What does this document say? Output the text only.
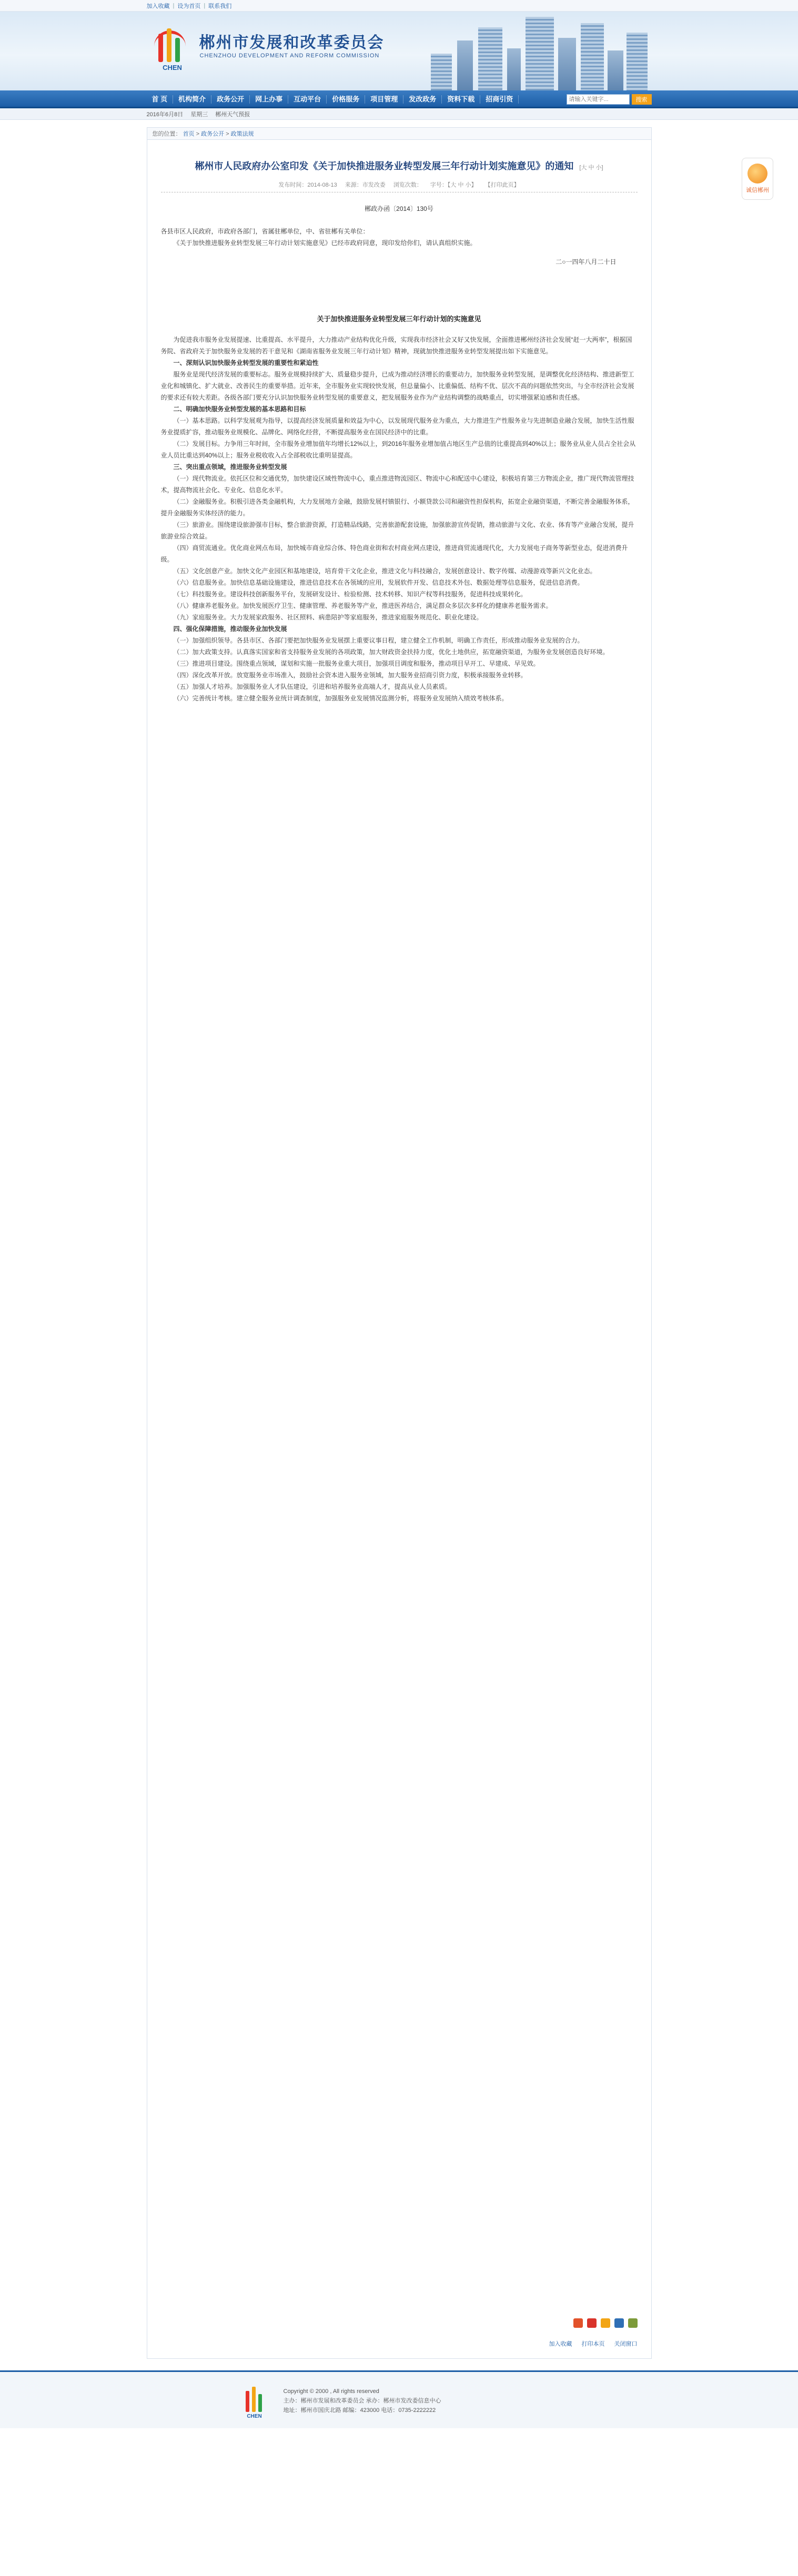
加入收藏 | 设为首页 | 联系我们
CHEN
郴州市发展和改革委员会
CHENZHOU DEVELOPMENT AND REFORM COMMISSION
首 页	机构简介	政务公开	网上办事	互动平台	价格服务	项目管理	发改政务	资料下载	招商引资
请输入关键字...	搜索
2016年6月8日 星期三 郴州天气预报
您的位置： 首页 > 政务公开 > 政策法规
郴州市人民政府办公室印发《关于加快推进服务业转型发展三年行动计划实施意见》的通知 [大 中 小]
发布时间：2014-08-13 来源：市发改委 浏览次数： 字号：【大 中 小】 【打印此页】
郴政办函〔2014〕130号

各县市区人民政府，市政府各部门，省属驻郴单位，中、省驻郴有关单位：

《关于加快推进服务业转型发展三年行动计划实施意见》已经市政府同意，现印发给你们，请认真组织实施。

二○一四年八月二十日
关于加快推进服务业转型发展三年行动计划的实施意见

为促进我市服务业发展提速、比重提高、水平提升，大力推动产业结构优化升级，实现我市经济社会又好又快发展，全面推进郴州经济社会发展“赶一大两率”，根据国务院、省政府关于加快服务业发展的若干意见和《湖南省服务业发展三年行动计划》精神，现就加快推进服务业转型发展提出如下实施意见。

一、深刻认识加快服务业转型发展的重要性和紧迫性

服务业是现代经济发展的重要标志。服务业规模持续扩大、质量稳步提升，已成为推动经济增长的重要动力，加快服务业转型发展，是调整优化经济结构、推进新型工业化和城镇化、扩大就业、改善民生的重要举措。近年来，全市服务业实现较快发展，但总量偏小、比重偏低、结构不优、层次不高的问题依然突出，与全市经济社会发展的要求还有较大差距。各级各部门要充分认识加快服务业转型发展的重要意义，把发展服务业作为产业结构调整的战略重点，切实增强紧迫感和责任感。

二、明确加快服务业转型发展的基本思路和目标

（一）基本思路。以科学发展观为指导，以提高经济发展质量和效益为中心，以发展现代服务业为重点，大力推进生产性服务业与先进制造业融合发展，加快生活性服务业提质扩容，推动服务业规模化、品牌化、网络化经营，不断提高服务业在国民经济中的比重。

（二）发展目标。力争用三年时间，全市服务业增加值年均增长12%以上，到2016年服务业增加值占地区生产总值的比重提高到40%以上；服务业从业人员占全社会从业人员比重达到40%以上；服务业税收收入占全部税收比重明显提高。

三、突出重点领域，推进服务业转型发展

（一）现代物流业。依托区位和交通优势，加快建设区域性物流中心，重点推进物流园区、物流中心和配送中心建设，积极培育第三方物流企业，推广现代物流管理技术，提高物流社会化、专业化、信息化水平。

（二）金融服务业。积极引进各类金融机构，大力发展地方金融，鼓励发展村镇银行、小额贷款公司和融资性担保机构，拓宽企业融资渠道，不断完善金融服务体系，提升金融服务实体经济的能力。

（三）旅游业。围绕建设旅游强市目标，整合旅游资源，打造精品线路，完善旅游配套设施，加强旅游宣传促销，推动旅游与文化、农业、体育等产业融合发展，提升旅游业综合效益。

（四）商贸流通业。优化商业网点布局，加快城市商业综合体、特色商业街和农村商业网点建设，推进商贸流通现代化，大力发展电子商务等新型业态，促进消费升级。

（五）文化创意产业。加快文化产业园区和基地建设，培育骨干文化企业，推进文化与科技融合，发展创意设计、数字传媒、动漫游戏等新兴文化业态。

（六）信息服务业。加快信息基础设施建设，推进信息技术在各领域的应用，发展软件开发、信息技术外包、数据处理等信息服务，促进信息消费。

（七）科技服务业。建设科技创新服务平台，发展研发设计、检验检测、技术转移、知识产权等科技服务，促进科技成果转化。

（八）健康养老服务业。加快发展医疗卫生、健康管理、养老服务等产业，推进医养结合，满足群众多层次多样化的健康养老服务需求。

（九）家庭服务业。大力发展家政服务、社区照料、病患陪护等家庭服务，推进家庭服务规范化、职业化建设。

四、强化保障措施，推动服务业加快发展

（一）加强组织领导。各县市区、各部门要把加快服务业发展摆上重要议事日程，建立健全工作机制，明确工作责任，形成推动服务业发展的合力。

（二）加大政策支持。认真落实国家和省支持服务业发展的各项政策，加大财政资金扶持力度，优化土地供应，拓宽融资渠道，为服务业发展创造良好环境。

（三）推进项目建设。围绕重点领域，谋划和实施一批服务业重大项目，加强项目调度和服务，推动项目早开工、早建成、早见效。

（四）深化改革开放。放宽服务业市场准入，鼓励社会资本进入服务业领域，加大服务业招商引资力度，积极承接服务业转移。

（五）加强人才培养。加强服务业人才队伍建设，引进和培养服务业高端人才，提高从业人员素质。

（六）完善统计考核。建立健全服务业统计调查制度，加强服务业发展情况监测分析，将服务业发展纳入绩效考核体系。

加入收藏 打印本页 关闭窗口
CHEN
Copyright © 2000 , All rights reserved
主办：郴州市发展和改革委员会 承办：郴州市发改委信息中心
地址：郴州市国庆北路 邮编：423000 电话：0735-2222222
诚信郴州
